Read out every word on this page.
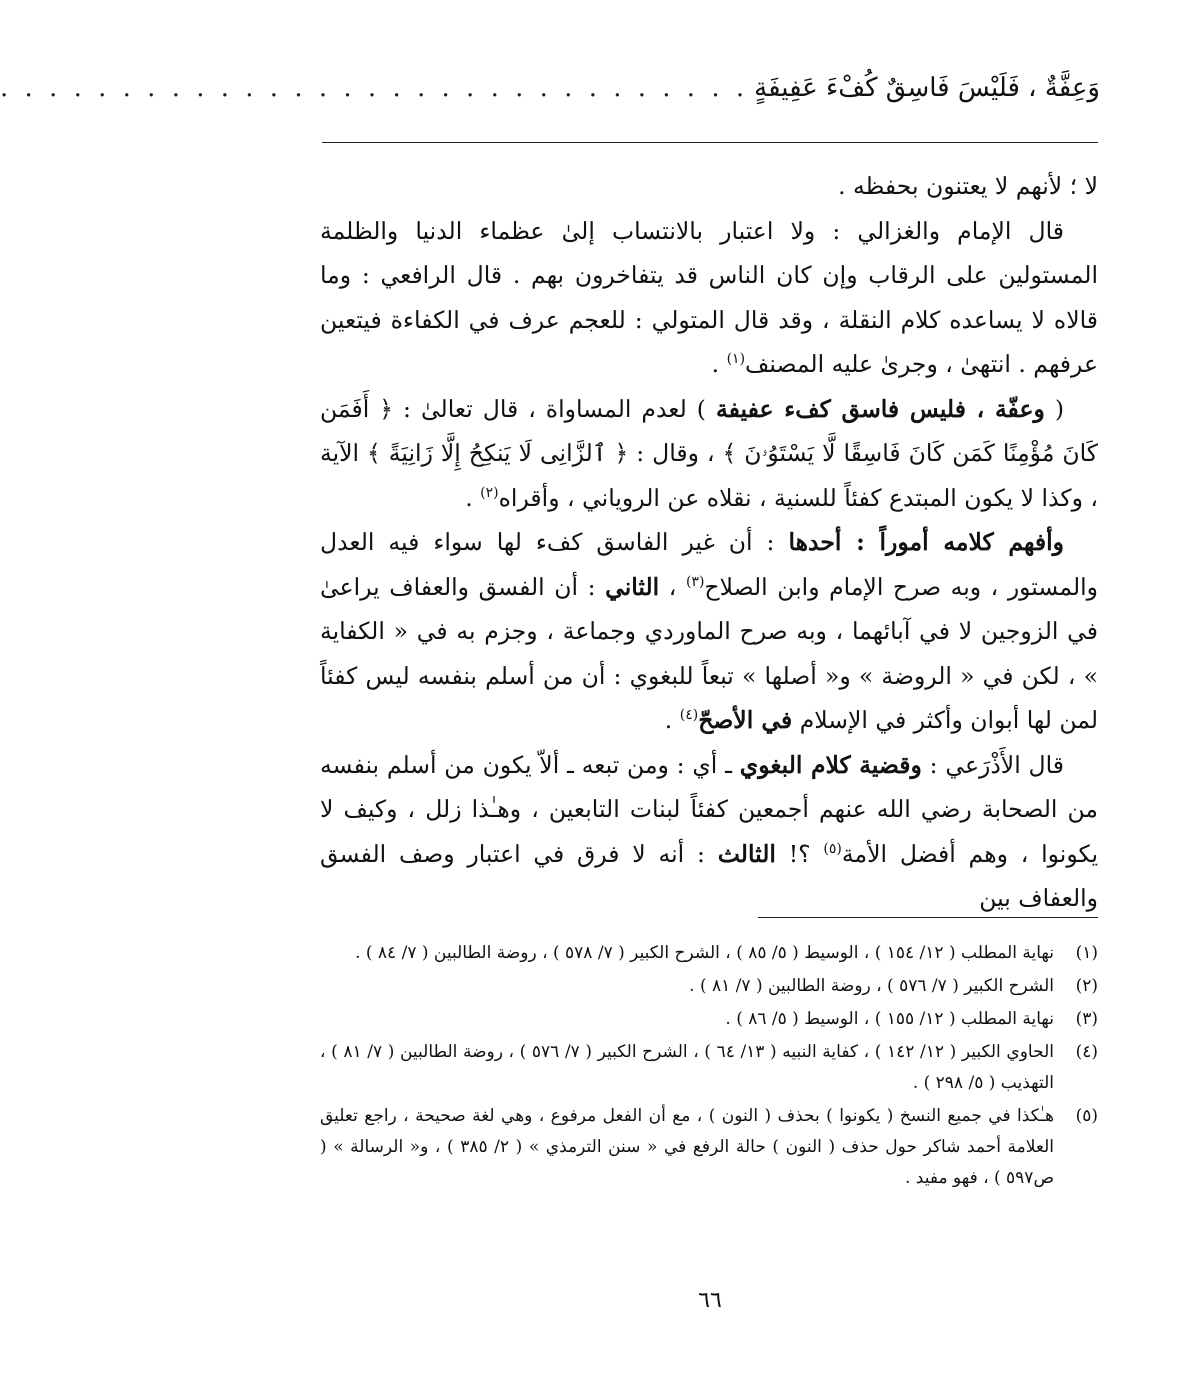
وَعِفَّةٌ ، فَلَيْسَ فَاسِقٌ كُفْءَ عَفِيفَةٍ
. . . . . . . . . . . . . . . . . . . . . . . . . . . . . . .

لا ؛ لأنهم لا يعتنون بحفظه .

قال الإمام والغزالي : ولا اعتبار بالانتساب إلىٰ عظماء الدنيا والظلمة المستولين على الرقاب وإن كان الناس قد يتفاخرون بهم . قال الرافعي : وما قالاه لا يساعده كلام النقلة ، وقد قال المتولي : للعجم عرف في الكفاءة فيتعين عرفهم . انتهىٰ ، وجرىٰ عليه المصنف$^{(١)}$ .

( وعفّة ، فليس فاسق كفء عفيفة ) لعدم المساواة ، قال تعالىٰ : ﴿ أَفَمَن كَانَ مُؤْمِنًا كَمَن كَانَ فَاسِقًا لَّا يَسْتَوُۥنَ ﴾ ، وقال : ﴿ ٱلزَّانِى لَا يَنكِحُ إِلَّا زَانِيَةً ﴾ الآية ، وكذا لا يكون المبتدع كفئاً للسنية ، نقلاه عن الروياني ، وأقراه$^{(٢)}$ .

وأفهم كلامه أموراً : أحدها : أن غير الفاسق كفء لها سواء فيه العدل والمستور ، وبه صرح الإمام وابن الصلاح$^{(٣)}$ ، الثاني : أن الفسق والعفاف يراعىٰ في الزوجين لا في آبائهما ، وبه صرح الماوردي وجماعة ، وجزم به في « الكفاية » ، لكن في « الروضة » و« أصلها » تبعاً للبغوي : أن من أسلم بنفسه ليس كفئاً لمن لها أبوان وأكثر في الإسلام في الأصحّ$^{(٤)}$ .

قال الأَذْرَعي : وقضية كلام البغوي ـ أي : ومن تبعه ـ ألاّ يكون من أسلم بنفسه من الصحابة رضي الله عنهم أجمعين كفئاً لبنات التابعين ، وهـٰذا زلل ، وكيف لا يكونوا ، وهم أفضل الأمة$^{(٥)}$ ؟! الثالث : أنه لا فرق في اعتبار وصف الفسق والعفاف بين

(١)
نهاية المطلب ( ١٢/ ١٥٤ ) ، الوسيط ( ٥/ ٨٥ ) ، الشرح الكبير ( ٧/ ٥٧٨ ) ، روضة الطالبين ( ٧/ ٨٤ ) .
(٢)
الشرح الكبير ( ٧/ ٥٧٦ ) ، روضة الطالبين ( ٧/ ٨١ ) .
(٣)
نهاية المطلب ( ١٢/ ١٥٥ ) ، الوسيط ( ٥/ ٨٦ ) .
(٤)
الحاوي الكبير ( ١٢/ ١٤٢ ) ، كفاية النبيه ( ١٣/ ٦٤ ) ، الشرح الكبير ( ٧/ ٥٧٦ ) ، روضة الطالبين ( ٧/ ٨١ ) ، التهذيب ( ٥/ ٢٩٨ ) .
(٥)
هـٰكذا في جميع النسخ ( يكونوا ) بحذف ( النون ) ، مع أن الفعل مرفوع ، وهي لغة صحيحة ، راجع تعليق العلامة أحمد شاكر حول حذف ( النون ) حالة الرفع في « سنن الترمذي » ( ٢/ ٣٨٥ ) ، و« الرسالة » ( ص٥٩٧ ) ، فهو مفيد .
٦٦
